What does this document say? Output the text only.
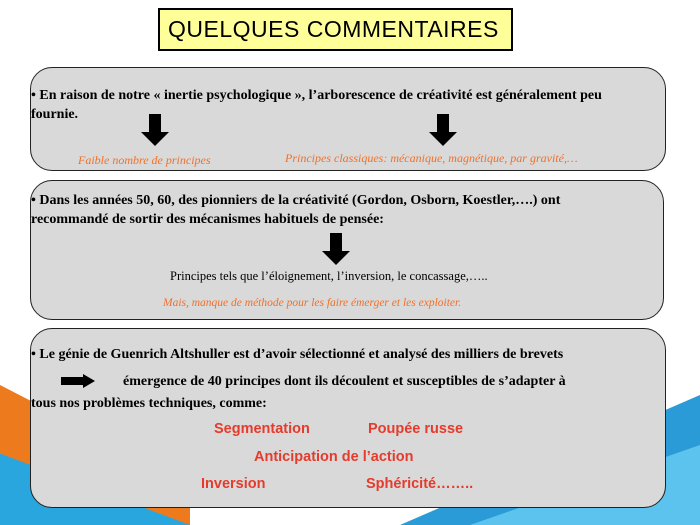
QUELQUES COMMENTAIRES
• En raison de notre « inertie psychologique », l’arborescence de créativité est généralement peu fournie.
Faible nombre de principes	Principes classiques: mécanique, magnétique, par gravité,…
• Dans les années 50, 60, des pionniers de la créativité (Gordon, Osborn, Koestler,….) ont recommandé de sortir des mécanismes habituels de pensée:
Principes tels que l’éloignement, l’inversion, le concassage,…..
Mais, manque de méthode pour les faire émerger et les exploiter.
• Le génie de Guenrich Altshuller est d’avoir sélectionné et analysé des milliers de brevets
émergence de 40 principes dont ils découlent et susceptibles de s’adapter à
tous nos problèmes techniques, comme:
Segmentation	Poupée russe
Anticipation de l’action
Inversion	Sphéricité……..
